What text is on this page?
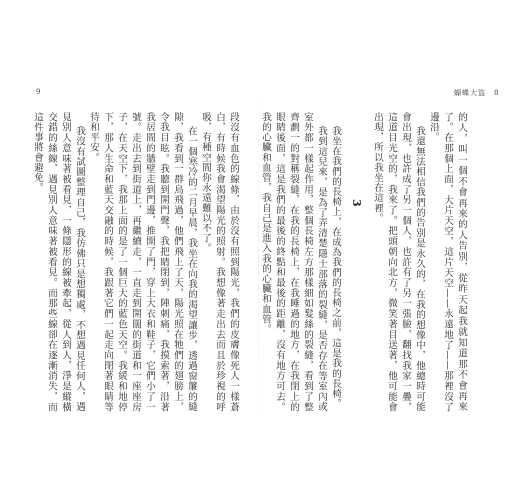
9	蝴蝶大盜　8

的人，叫一個不會再來的人告別，從昨天起我就知道那不會再來了。在那個上面，大片天空，這片天空——永遠地了——那裡沒了邊沿。

我還無法相信我們的告別是永久的，在我的想像中，他總時可能會出現，也許成了另一個人，也許有了另一張臉，翻找我家一疊，這道目光空的，我來了。把頭朝向北方，微笑著目送著，他可能會出現，所以我坐在這裡。

3

我坐在我們的長椅上，在成為我們的長椅之前，這是我的長椅。

我到這兒來，是為了弄清楚隱士部落的裂縫，是否存在等室內或室外都一樣起作用，整個長椅左方那樣細如髮絲的裂縫，看到了整齊劃一的對稱裂縫，在我的長椅上，在我睡過的地方，在我閉上的眼睛後面，這是我們的最後的終點和最後的距離，沒有地方可去。我的心臟和血管，我自己是進入我的心臟和血管。

段沒有血色的線條，由於沒有照到陽光，我們的皮膚像死人一樣蒼白，有時候我會渴望陽光的照射。我想像著走出去而且於珍視的呼吸，有種空間你永遠難以不了。

在一個寒冷的二月早晨，我坐在向我的渴望讓步，透過窗簾的縫隙，我看到一群鳥飛過，他們飛上了天，陽光照在牠們的翅膀上，令我目眩。我聽到開門聲，我把睛閉到，陣刺痛，我摸索著，沿著我居間的牆壁走到門邊，推開了門，穿上大衣和鞋子，它們小了一號。走出去到街道上，再繼續走，一直走到開闊的街道和一座座房子，在天空下，我那上面的是了一個巨大的藍色天空。我緩和地停下，那人生命和藍天交融的時候，我跟著它們一起走向閉著眼睛等待和平安。

我沒有試圖整理自己，我仿佛只是想獨處，不想遇見任何人，遇見別人意味著被看見，一條隱形的線被牽起，從人到人，淨是縱橫交錯的絲線，遇見別人意味著被看見。而那些線卻在逐漸消失，而這件事將會避免。
